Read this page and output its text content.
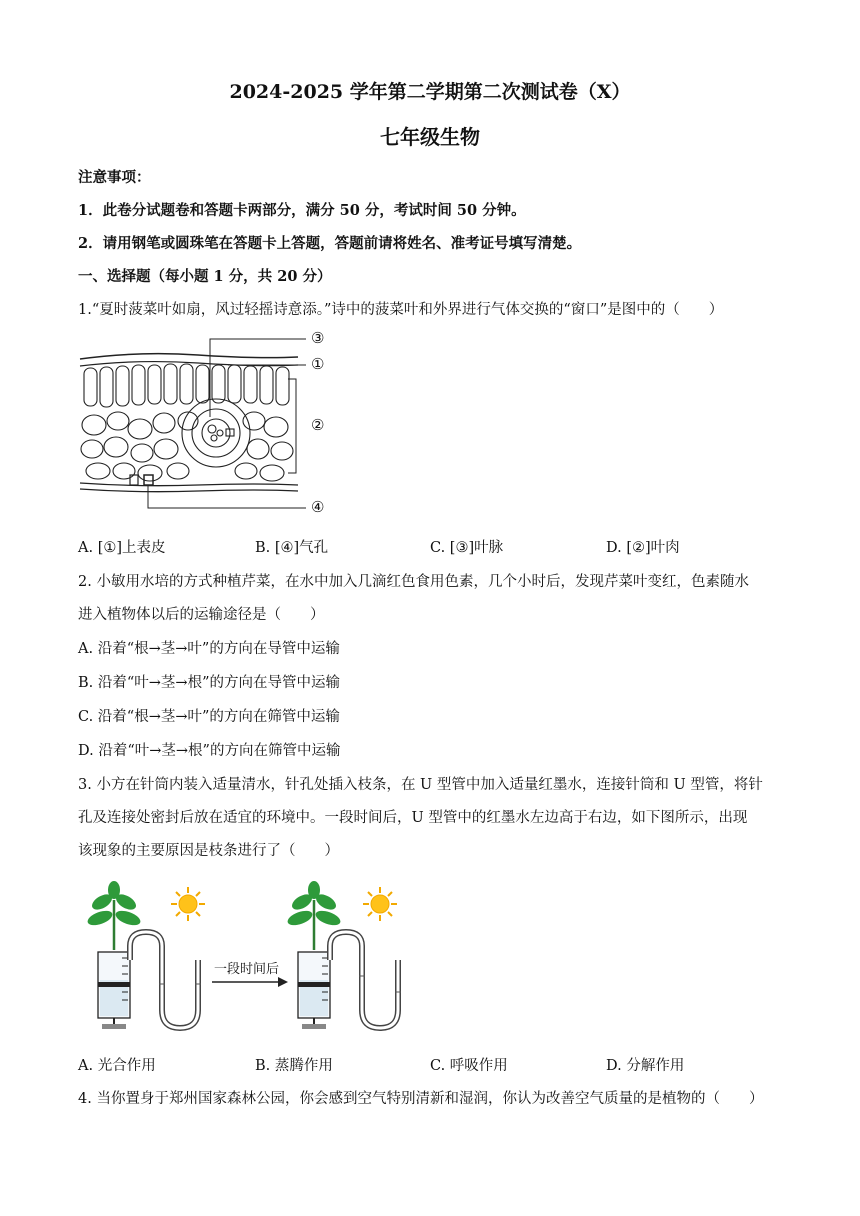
2024-2025 学年第二学期第二次测试卷（X）
七年级生物
注意事项：
1．此卷分试题卷和答题卡两部分，满分 50 分，考试时间 50 分钟。
2．请用钢笔或圆珠笔在答题卡上答题，答题前请将姓名、准考证号填写清楚。
一、选择题（每小题 1 分，共 20 分）
1.“夏时菠菜叶如扇，风过轻摇诗意添。”诗中的菠菜叶和外界进行气体交换的“窗口”是图中的（　　）
③
①
②
④
A. [①]上表皮	B. [④]气孔	C. [③]叶脉	D. [②]叶肉
2. 小敏用水培的方式种植芹菜，在水中加入几滴红色食用色素，几个小时后，发现芹菜叶变红，色素随水
进入植物体以后的运输途径是（　　）
A. 沿着“根→茎→叶”的方向在导管中运输
B. 沿着“叶→茎→根”的方向在导管中运输
C. 沿着“根→茎→叶”的方向在筛管中运输
D. 沿着“叶→茎→根”的方向在筛管中运输
3. 小方在针筒内装入适量清水，针孔处插入枝条，在 U 型管中加入适量红墨水，连接针筒和 U 型管，将针
孔及连接处密封后放在适宜的环境中。一段时间后，U 型管中的红墨水左边高于右边，如下图所示，出现
该现象的主要原因是枝条进行了（　　）
一段时间后
A. 光合作用	B. 蒸腾作用	C. 呼吸作用	D. 分解作用
4. 当你置身于郑州国家森林公园，你会感到空气特别清新和湿润，你认为改善空气质量的是植物的（　　）
